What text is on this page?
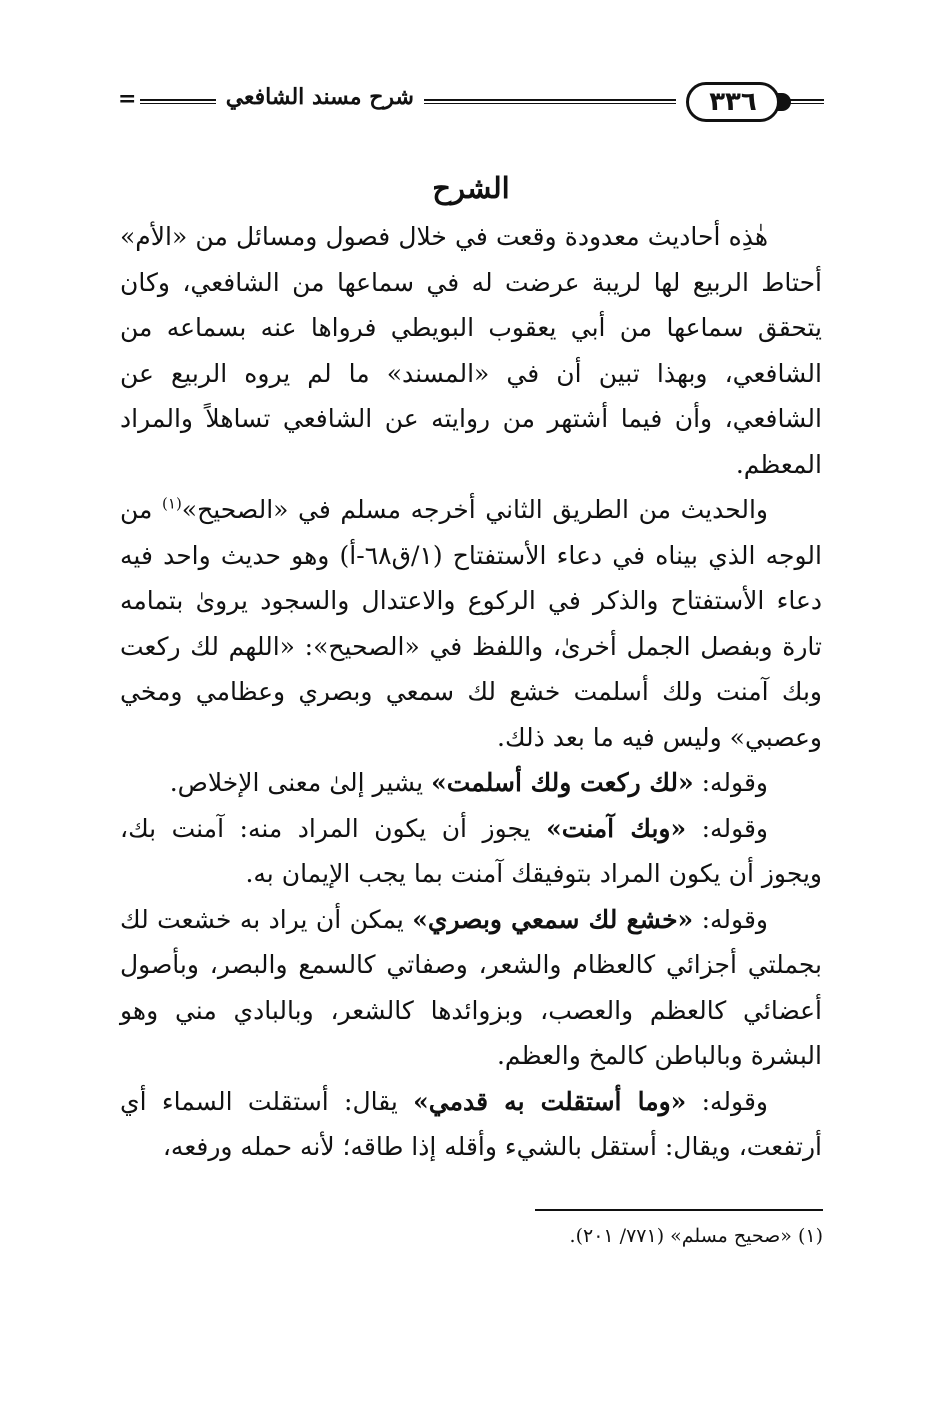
=	شرح مسند الشافعي	٣٣٦
الشرح

هٰذِه أحاديث معدودة وقعت في خلال فصول ومسائل من «الأم» أحتاط الربيع لها لريبة عرضت له في سماعها من الشافعي، وكان يتحقق سماعها من أبي يعقوب البويطي فرواها عنه بسماعه من الشافعي، وبهذا تبين أن في «المسند» ما لم يروه الربيع عن الشافعي، وأن فيما أشتهر من روايته عن الشافعي تساهلاً والمراد المعظم.

والحديث من الطريق الثاني أخرجه مسلم في «الصحيح»$^{(١)}$ من الوجه الذي بيناه في دعاء الأستفتاح (١/ق٦٨-أ) وهو حديث واحد فيه دعاء الأستفتاح والذكر في الركوع والاعتدال والسجود يروىٰ بتمامه تارة وبفصل الجمل أخرىٰ، واللفظ في «الصحيح»: «اللهم لك ركعت وبك آمنت ولك أسلمت خشع لك سمعي وبصري وعظامي ومخي وعصبي» وليس فيه ما بعد ذلك.

وقوله: «لك ركعت ولك أسلمت» يشير إلىٰ معنى الإخلاص.

وقوله: «وبك آمنت» يجوز أن يكون المراد منه: آمنت بك، ويجوز أن يكون المراد بتوفيقك آمنت بما يجب الإيمان به.

وقوله: «خشع لك سمعي وبصري» يمكن أن يراد به خشعت لك بجملتي أجزائي كالعظام والشعر، وصفاتي كالسمع والبصر، وبأصول أعضائي كالعظم والعصب، وبزوائدها كالشعر، وبالبادي مني وهو البشرة وبالباطن كالمخ والعظم.

وقوله: «وما أستقلت به قدمي» يقال: أستقلت السماء أي أرتفعت، ويقال: أستقل بالشيء وأقله إذا طاقه؛ لأنه حمله ورفعه،

(١) «صحيح مسلم» (٧٧١/ ٢٠١).
